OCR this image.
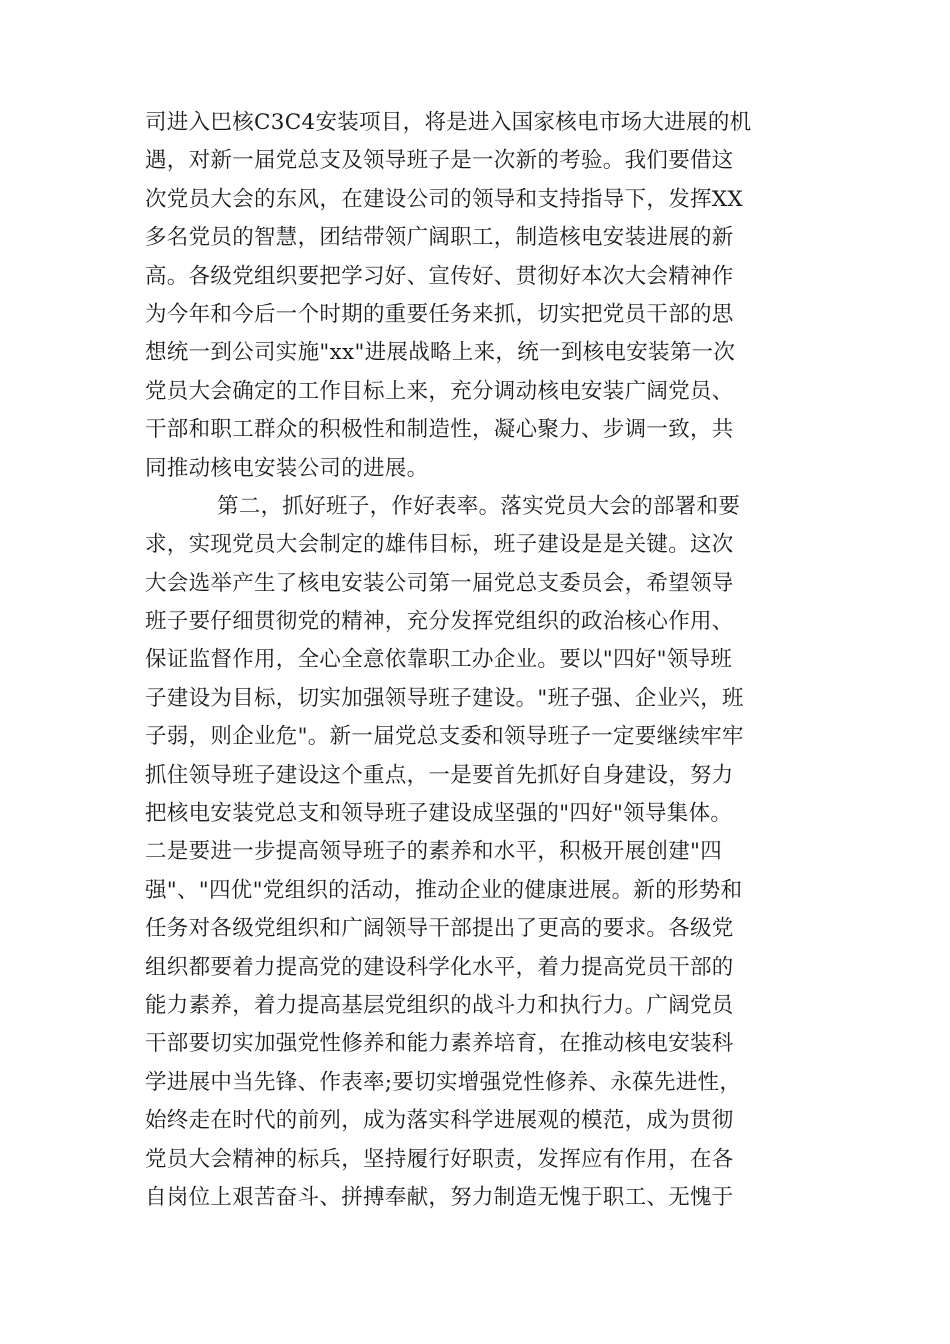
司进入巴核C3C4安装项目，将是进入国家核电市场大进展的机
遇，对新一届党总支及领导班子是一次新的考验。我们要借这
次党员大会的东风，在建设公司的领导和支持指导下，发挥XX
多名党员的智慧，团结带领广阔职工，制造核电安装进展的新
高。各级党组织要把学习好、宣传好、贯彻好本次大会精神作
为今年和今后一个时期的重要任务来抓，切实把党员干部的思
想统一到公司实施"xx"进展战略上来，统一到核电安装第一次
党员大会确定的工作目标上来，充分调动核电安装广阔党员、
干部和职工群众的积极性和制造性，凝心聚力、步调一致，共
同推动核电安装公司的进展。
第二，抓好班子，作好表率。落实党员大会的部署和要
求，实现党员大会制定的雄伟目标，班子建设是是关键。这次
大会选举产生了核电安装公司第一届党总支委员会，希望领导
班子要仔细贯彻党的精神，充分发挥党组织的政治核心作用、
保证监督作用，全心全意依靠职工办企业。要以"四好"领导班
子建设为目标，切实加强领导班子建设。"班子强、企业兴，班
子弱，则企业危"。新一届党总支委和领导班子一定要继续牢牢
抓住领导班子建设这个重点，一是要首先抓好自身建设，努力
把核电安装党总支和领导班子建设成坚强的"四好"领导集体。
二是要进一步提高领导班子的素养和水平，积极开展创建"四
强"、"四优"党组织的活动，推动企业的健康进展。新的形势和
任务对各级党组织和广阔领导干部提出了更高的要求。各级党
组织都要着力提高党的建设科学化水平，着力提高党员干部的
能力素养，着力提高基层党组织的战斗力和执行力。广阔党员
干部要切实加强党性修养和能力素养培育，在推动核电安装科
学进展中当先锋、作表率;要切实增强党性修养、永葆先进性，
始终走在时代的前列，成为落实科学进展观的模范，成为贯彻
党员大会精神的标兵，坚持履行好职责，发挥应有作用，在各
自岗位上艰苦奋斗、拼搏奉献，努力制造无愧于职工、无愧于
